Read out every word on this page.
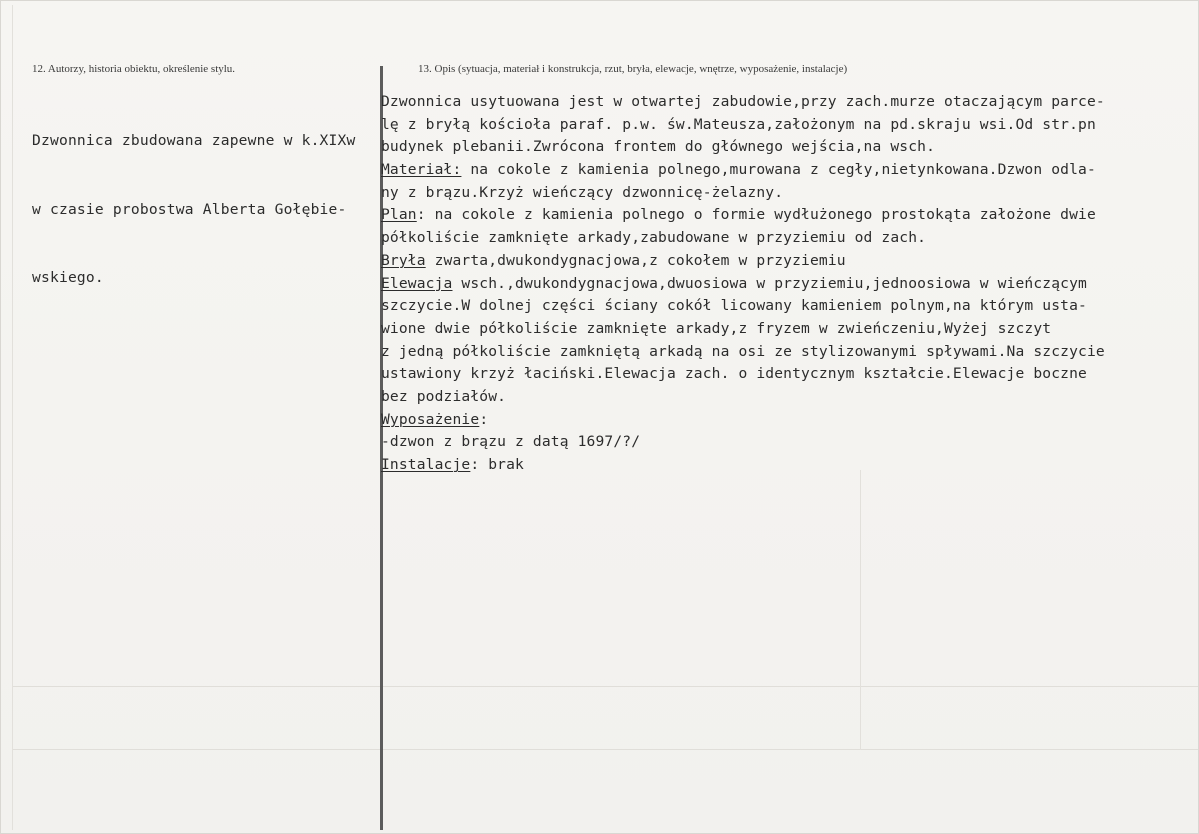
12. Autorzy, historia obiektu, określenie stylu.	13. Opis (sytuacja, materiał i konstrukcja, rzut, bryła, elewacje, wnętrze, wyposażenie, instalacje)

Dzwonnica zbudowana zapewne w k.XIXw

w czasie probostwa Alberta Gołębie-

wskiego.

Dzwonnica usytuowana jest w otwartej zabudowie,przy zach.murze otaczającym parce-
lę z bryłą kościoła paraf. p.w. św.Mateusza,założonym na pd.skraju wsi.Od str.pn
budynek plebanii.Zwrócona frontem do głównego wejścia,na wsch.
Materiał: na cokole z kamienia polnego,murowana z cegły,nietynkowana.Dzwon odla-
ny z brązu.Krzyż wieńczący dzwonnicę-żelazny.
Plan: na cokole z kamienia polnego o formie wydłużonego prostokąta założone dwie
półkoliście zamknięte arkady,zabudowane w przyziemiu od zach.
Bryła zwarta,dwukondygnacjowa,z cokołem w przyziemiu
Elewacja wsch.,dwukondygnacjowa,dwuosiowa w przyziemiu,jednoosiowa w wieńczącym
szczycie.W dolnej części ściany cokół licowany kamieniem polnym,na którym usta-
wione dwie półkoliście zamknięte arkady,z fryzem w zwieńczeniu,Wyżej szczyt
z jedną półkoliście zamkniętą arkadą na osi ze stylizowanymi spływami.Na szczycie
ustawiony krzyż łaciński.Elewacja zach. o identycznym kształcie.Elewacje boczne
bez podziałów.
Wyposażenie:
-dzwon z brązu z datą 1697/?/
Instalacje: brak
